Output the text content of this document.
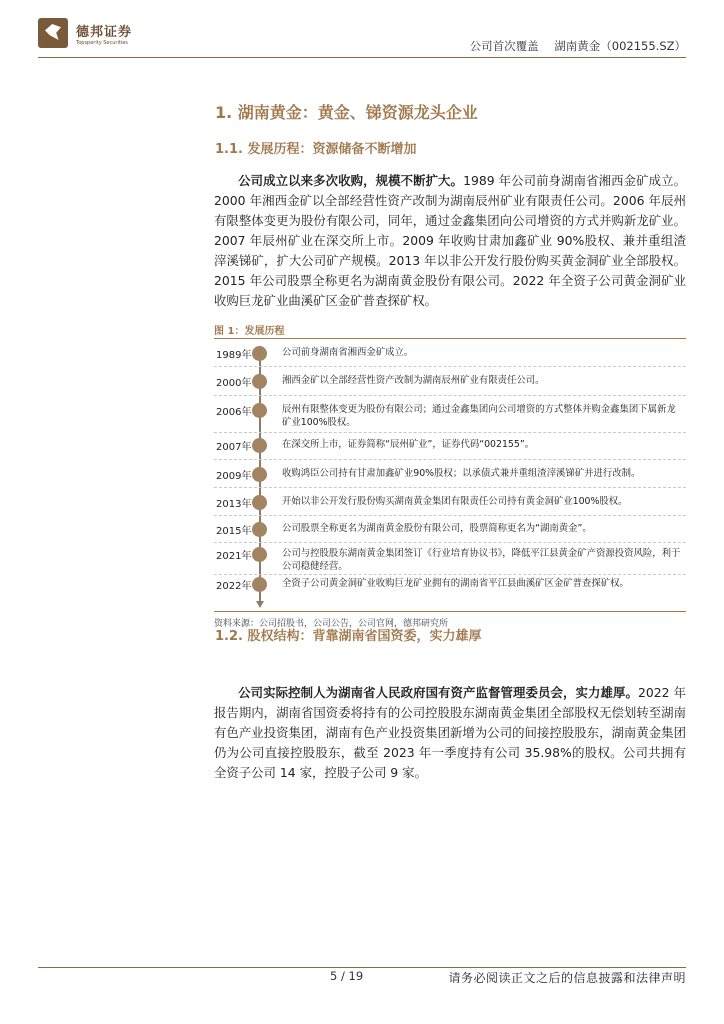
德邦证券
Topsperity Securities	公司首次覆盖 湖南黄金（002155.SZ）
1. 湖南黄金：黄金、锑资源龙头企业
1.1. 发展历程：资源储备不断增加
公司成立以来多次收购，规模不断扩大。1989 年公司前身湖南省湘西金矿成立。2000 年湘西金矿以全部经营性资产改制为湖南辰州矿业有限责任公司。2006 年辰州有限整体变更为股份有限公司，同年，通过金鑫集团向公司增资的方式并购新龙矿业。2007 年辰州矿业在深交所上市。2009 年收购甘肃加鑫矿业 90%股权、兼并重组渣滓溪锑矿，扩大公司矿产规模。2013 年以非公开发行股份购买黄金洞矿业全部股权。2015 年公司股票全称更名为湖南黄金股份有限公司。2022 年全资子公司黄金洞矿业收购巨龙矿业曲溪矿区金矿普查探矿权。
图 1：发展历程
1989年	公司前身湖南省湘西金矿成立。
2000年	湘西金矿以全部经营性资产改制为湖南辰州矿业有限责任公司。
2006年	辰州有限整体变更为股份有限公司；通过金鑫集团向公司增资的方式整体并购金鑫集团下属新龙矿业100%股权。
2007年	在深交所上市，证券简称“辰州矿业”，证券代码“002155”。
2009年	收购鸿臣公司持有甘肃加鑫矿业90%股权；以承债式兼并重组渣滓溪锑矿并进行改制。
2013年	开始以非公开发行股份购买湖南黄金集团有限责任公司持有黄金洞矿业100%股权。
2015年	公司股票全称更名为湖南黄金股份有限公司，股票简称更名为“湖南黄金”。
2021年	公司与控股股东湖南黄金集团签订《行业培育协议书》，降低平江县黄金矿产资源投资风险，利于公司稳健经营。
2022年	全资子公司黄金洞矿业收购巨龙矿业拥有的湖南省平江县曲溪矿区金矿普查探矿权。
资料来源：公司招股书，公司公告，公司官网，德邦研究所
1.2. 股权结构：背靠湖南省国资委，实力雄厚
公司实际控制人为湖南省人民政府国有资产监督管理委员会，实力雄厚。2022 年报告期内，湖南省国资委将持有的公司控股股东湖南黄金集团全部股权无偿划转至湖南有色产业投资集团，湖南有色产业投资集团新增为公司的间接控股股东，湖南黄金集团仍为公司直接控股股东，截至 2023 年一季度持有公司 35.98%的股权。公司共拥有全资子公司 14 家，控股子公司 9 家。
5 / 19	请务必阅读正文之后的信息披露和法律声明
